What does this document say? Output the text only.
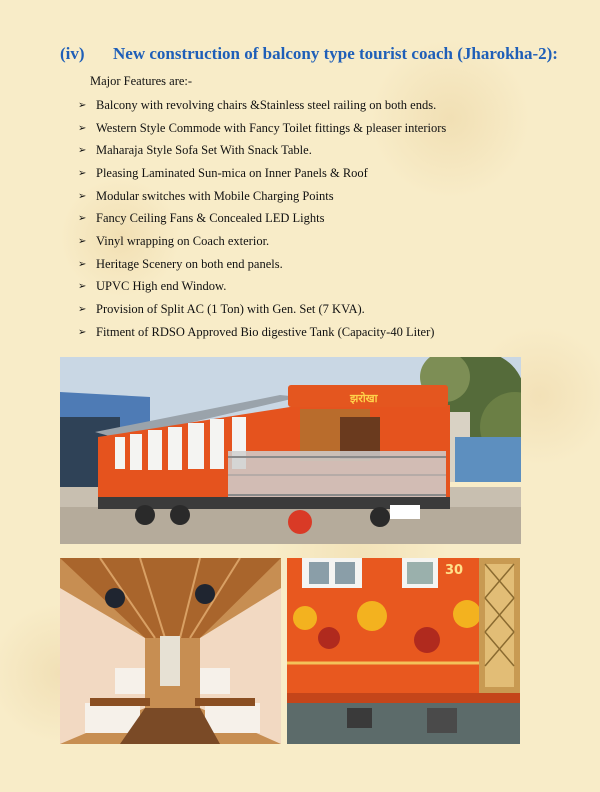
(iv) New construction of balcony type tourist coach (Jharokha-2):
Major Features are:-
➢ Balcony with revolving chairs &Stainless steel railing on both ends.
➢ Western Style Commode with Fancy Toilet fittings & pleaser interiors
➢ Maharaja Style Sofa Set With Snack Table.
➢ Pleasing Laminated Sun-mica on Inner Panels & Roof
➢ Modular switches with Mobile Charging Points
➢ Fancy Ceiling Fans & Concealed LED Lights
➢ Vinyl wrapping on Coach exterior.
➢ Heritage Scenery on both end panels.
➢ UPVC High end Window.
➢ Provision of Split AC (1 Ton) with Gen. Set (7 KVA).
➢ Fitment of RDSO Approved Bio digestive Tank (Capacity-40 Liter)
झरोखा
30
